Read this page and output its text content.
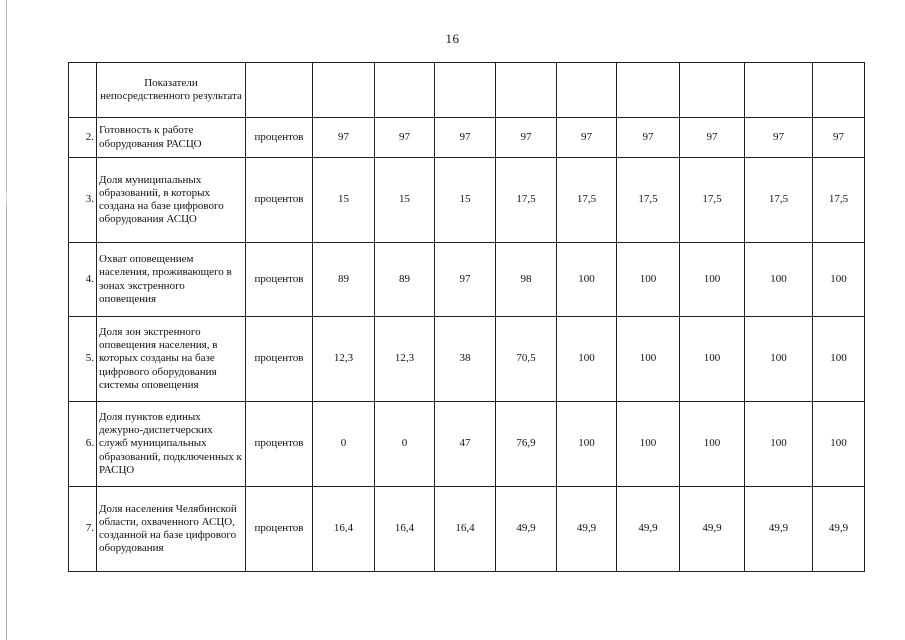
16
	Показатели непосредственного результата										
2.	Готовность к работе оборудования РАСЦО	процентов	97	97	97	97	97	97	97	97	97
3.	Доля муниципальных образований, в которых создана на базе цифрового оборудования АСЦО	процентов	15	15	15	17,5	17,5	17,5	17,5	17,5	17,5
4.	Охват оповещением населения, проживающего в зонах экстренного оповещения	процентов	89	89	97	98	100	100	100	100	100
5.	Доля зон экстренного оповещения населения, в которых созданы на базе цифрового оборудования системы оповещения	процентов	12,3	12,3	38	70,5	100	100	100	100	100
6.	Доля пунктов единых дежурно-диспетчерских служб муниципальных образований, подключенных к РАСЦО	процентов	0	0	47	76,9	100	100	100	100	100
7.	Доля населения Челябинской области, охваченного АСЦО, созданной на базе цифрового оборудования	процентов	16,4	16,4	16,4	49,9	49,9	49,9	49,9	49,9	49,9
